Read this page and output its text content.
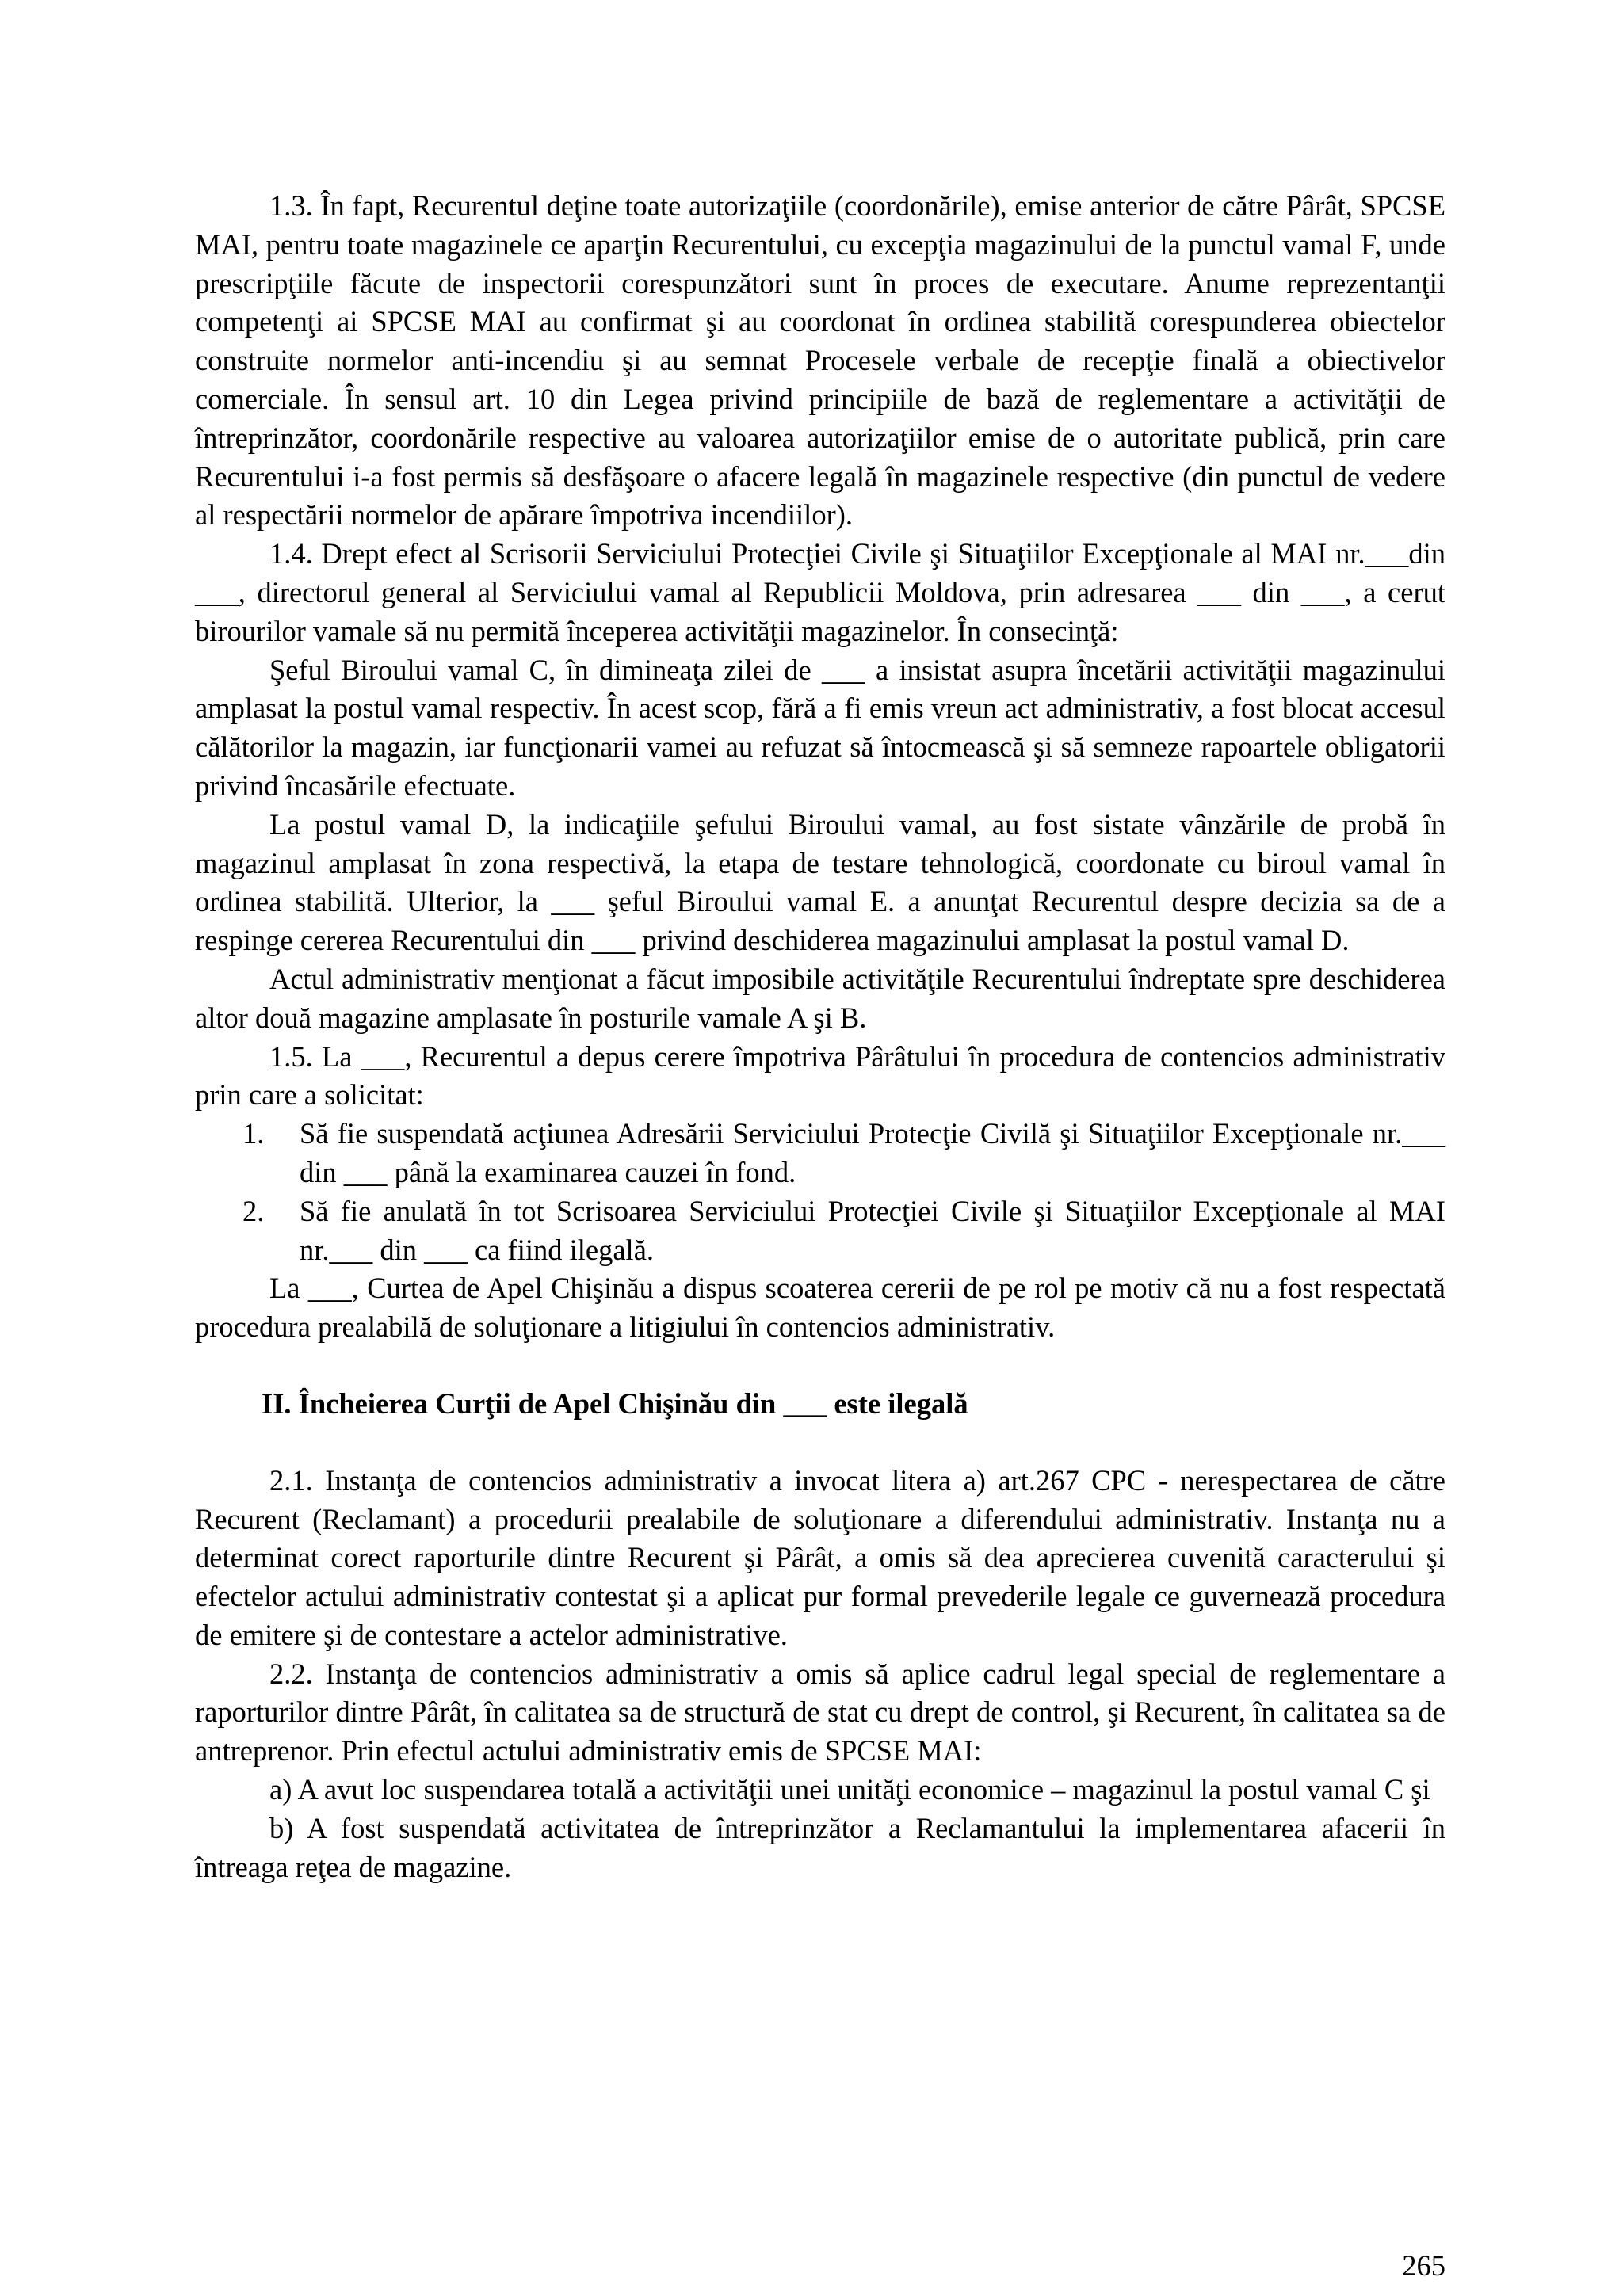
1.3. În fapt, Recurentul deţine toate autorizaţiile (coordonările), emise anterior de către Pârât, SPCSE MAI, pentru toate magazinele ce aparţin Recurentului, cu excepţia magazinului de la punctul vamal F, unde prescripţiile făcute de inspectorii corespunzători sunt în proces de executare. Anume reprezentanţii competenţi ai SPCSE MAI au confirmat şi au coordonat în ordinea stabilită corespunderea obiectelor construite normelor anti-incendiu şi au semnat Procesele verbale de recepţie finală a obiectivelor comerciale. În sensul art. 10 din Legea privind principiile de bază de reglementare a activităţii de întreprinzător, coordonările respective au valoarea autorizaţiilor emise de o autoritate publică, prin care Recurentului i-a fost permis să desfăşoare o afacere legală în magazinele respective (din punctul de vedere al respectării normelor de apărare împotriva incendiilor).

1.4. Drept efect al Scrisorii Serviciului Protecţiei Civile şi Situaţiilor Excepţionale al MAI nr.___din ___, directorul general al Serviciului vamal al Republicii Moldova, prin adresarea ___ din ___, a cerut birourilor vamale să nu permită începerea activităţii magazinelor. În consecinţă:

Şeful Biroului vamal C, în dimineaţa zilei de ___ a insistat asupra încetării activităţii magazinului amplasat la postul vamal respectiv. În acest scop, fără a fi emis vreun act administrativ, a fost blocat accesul călătorilor la magazin, iar funcţionarii vamei au refuzat să întocmească şi să semneze rapoartele obligatorii privind încasările efectuate.

La postul vamal D, la indicaţiile şefului Biroului vamal, au fost sistate vânzările de probă în magazinul amplasat în zona respectivă, la etapa de testare tehnologică, coordonate cu biroul vamal în ordinea stabilită. Ulterior, la ___ şeful Biroului vamal E. a anunţat Recurentul despre decizia sa de a respinge cererea Recurentului din ___ privind deschiderea magazinului amplasat la postul vamal D.

Actul administrativ menţionat a făcut imposibile activităţile Recurentului îndreptate spre deschiderea altor două magazine amplasate în posturile vamale A şi B.

1.5. La ___, Recurentul a depus cerere împotriva Pârâtului în procedura de contencios administrativ prin care a solicitat:

1. Să fie suspendată acţiunea Adresării Serviciului Protecţie Civilă şi Situaţiilor Excepţionale nr.___ din ___ până la examinarea cauzei în fond.

2. Să fie anulată în tot Scrisoarea Serviciului Protecţiei Civile şi Situaţiilor Excepţionale al MAI nr.___ din ___ ca fiind ilegală.

La ___, Curtea de Apel Chişinău a dispus scoaterea cererii de pe rol pe motiv că nu a fost respectată procedura prealabilă de soluţionare a litigiului în contencios administrativ.

II. Încheierea Curţii de Apel Chişinău din ___ este ilegală

2.1. Instanţa de contencios administrativ a invocat litera a) art.267 CPC - nerespectarea de către Recurent (Reclamant) a procedurii prealabile de soluţionare a diferendului administrativ. Instanţa nu a determinat corect raporturile dintre Recurent şi Pârât, a omis să dea aprecierea cuvenită caracterului şi efectelor actului administrativ contestat şi a aplicat pur formal prevederile legale ce guvernează procedura de emitere şi de contestare a actelor administrative.

2.2. Instanţa de contencios administrativ a omis să aplice cadrul legal special de reglementare a raporturilor dintre Pârât, în calitatea sa de structură de stat cu drept de control, şi Recurent, în calitatea sa de antreprenor. Prin efectul actului administrativ emis de SPCSE MAI:

a) A avut loc suspendarea totală a activităţii unei unităţi economice – magazinul la postul vamal C şi

b) A fost suspendată activitatea de întreprinzător a Reclamantului la implementarea afacerii în întreaga reţea de magazine.

265
